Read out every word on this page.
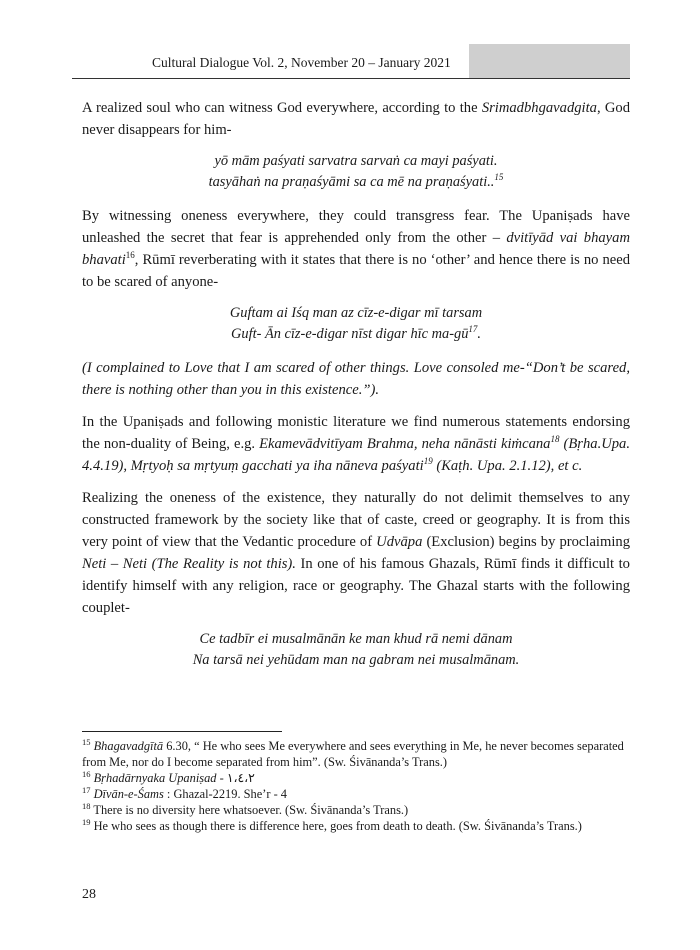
Cultural Dialogue Vol. 2, November 20 – January 2021

A realized soul who can witness God everywhere, according to the Srimadbhgavadgita, God never disappears for him-

yō mām paśyati sarvatra sarvaṅ ca mayi paśyati.
tasyāhaṅ na praṇaśyāmi sa ca mē na praṇaśyati..$^{15}$

By witnessing oneness everywhere, they could transgress fear. The Upaniṣads have unleashed the secret that fear is apprehended only from the other – dvitīyād vai bhayam bhavati$^{16}$, Rūmī reverberating with it states that there is no ‘other’ and hence there is no need to be scared of anyone-

Guftam ai Iśq man az cīz-e-digar mī tarsam
Guft- Ān cīz-e-digar nīst digar hīc $ma-gū^{17}$.

(I complained to Love that I am scared of other things. Love consoled me-“Don’t be scared, there is nothing other than you in this existence.”).

In the Upaniṣads and following monistic literature we find numerous statements endorsing the non-duality of Being, e.g. Ekamevādvitīyam Brahma, neha nānāsti kiṁcana$^{18}$ (Bṛha.Upa. 4.4.19), Mṛtyoḥ sa mṛtyuṃ gacchati ya iha nāneva paśyati$^{19}$ (Kaṭh. Upa. 2.1.12), et c.

Realizing the oneness of the existence, they naturally do not delimit themselves to any constructed framework by the society like that of caste, creed or geography. It is from this very point of view that the Vedantic procedure of Udvāpa (Exclusion) begins by proclaiming Neti – Neti (The Reality is not this). In one of his famous Ghazals, Rūmī finds it difficult to identify himself with any religion, race or geography. The Ghazal starts with the following couplet-

Ce tadbīr ei musalmānān ke man khud rā nemi dānam
Na tarsā nei yehūdam man na gabram nei musalmānam.
$^{15}$ Bhagavadgītā 6.30, “ He who sees Me everywhere and sees everything in Me, he never becomes separated from Me, nor do I become separated from him”. (Sw. Śivānanda’s Trans.)
$^{16}$ Bṛhadārnyaka Upaniṣad - ١،٤،٢
$^{17}$ Dīvān-e-Śams : Ghazal-2219. She’r - 4
$^{18}$ There is no diversity here whatsoever. (Sw. Śivānanda’s Trans.)
$^{19}$ He who sees as though there is difference here, goes from death to death. (Sw. Śivānanda’s Trans.)
28
